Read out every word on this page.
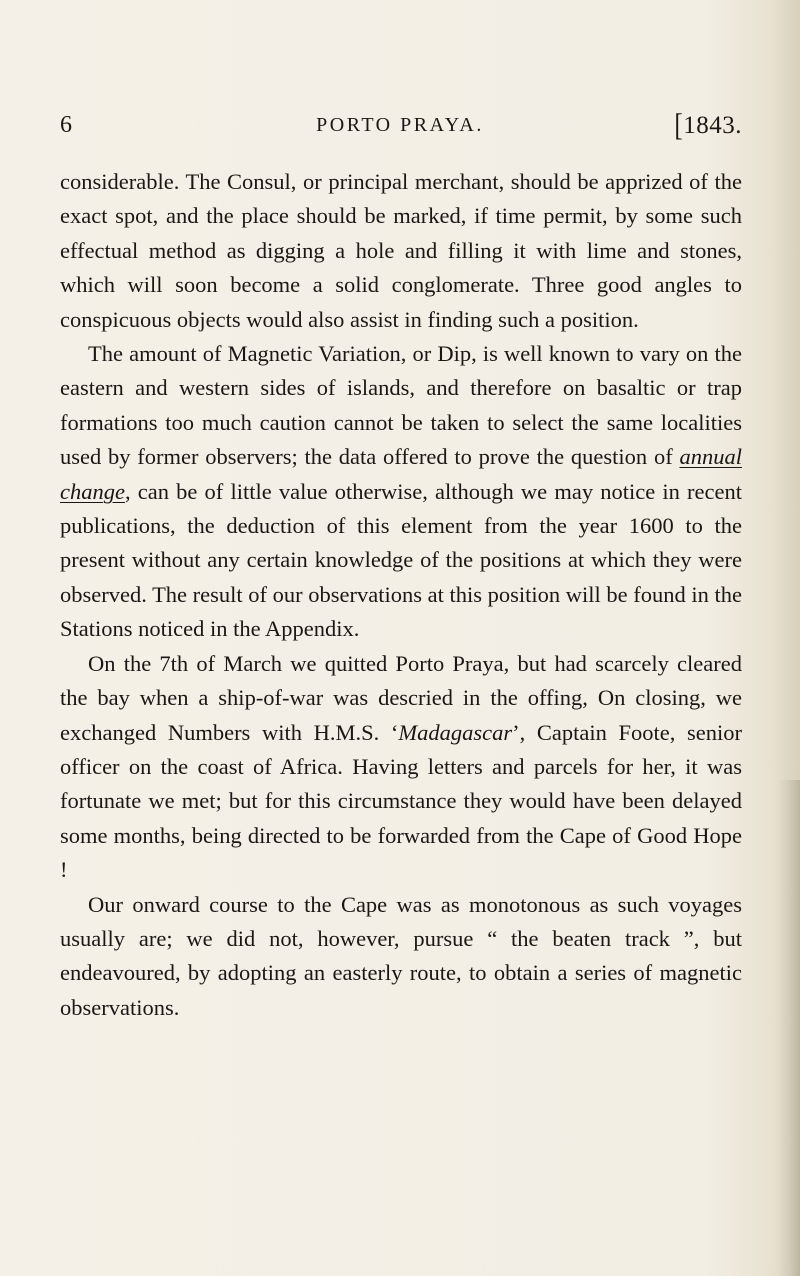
6	PORTO PRAYA.	[1843.

considerable. The Consul, or principal merchant, should be apprized of the exact spot, and the place should be marked, if time permit, by some such effectual method as digging a hole and filling it with lime and stones, which will soon become a solid conglomerate. Three good angles to conspicuous objects would also assist in finding such a position.

The amount of Magnetic Variation, or Dip, is well known to vary on the eastern and western sides of islands, and therefore on basaltic or trap formations too much caution cannot be taken to select the same localities used by former observers; the data offered to prove the question of annual change, can be of little value otherwise, although we may notice in recent publications, the deduction of this element from the year 1600 to the present without any certain knowledge of the positions at which they were observed. The result of our observations at this position will be found in the Stations noticed in the Appendix.

On the 7th of March we quitted Porto Praya, but had scarcely cleared the bay when a ship-of-war was descried in the offing, On closing, we exchanged Numbers with H.M.S. ‘Madagascar’, Captain Foote, senior officer on the coast of Africa. Having letters and parcels for her, it was fortunate we met; but for this circumstance they would have been delayed some months, being directed to be forwarded from the Cape of Good Hope !

Our onward course to the Cape was as monotonous as such voyages usually are; we did not, however, pursue “ the beaten track ”, but endeavoured, by adopting an easterly route, to obtain a series of magnetic observations.
